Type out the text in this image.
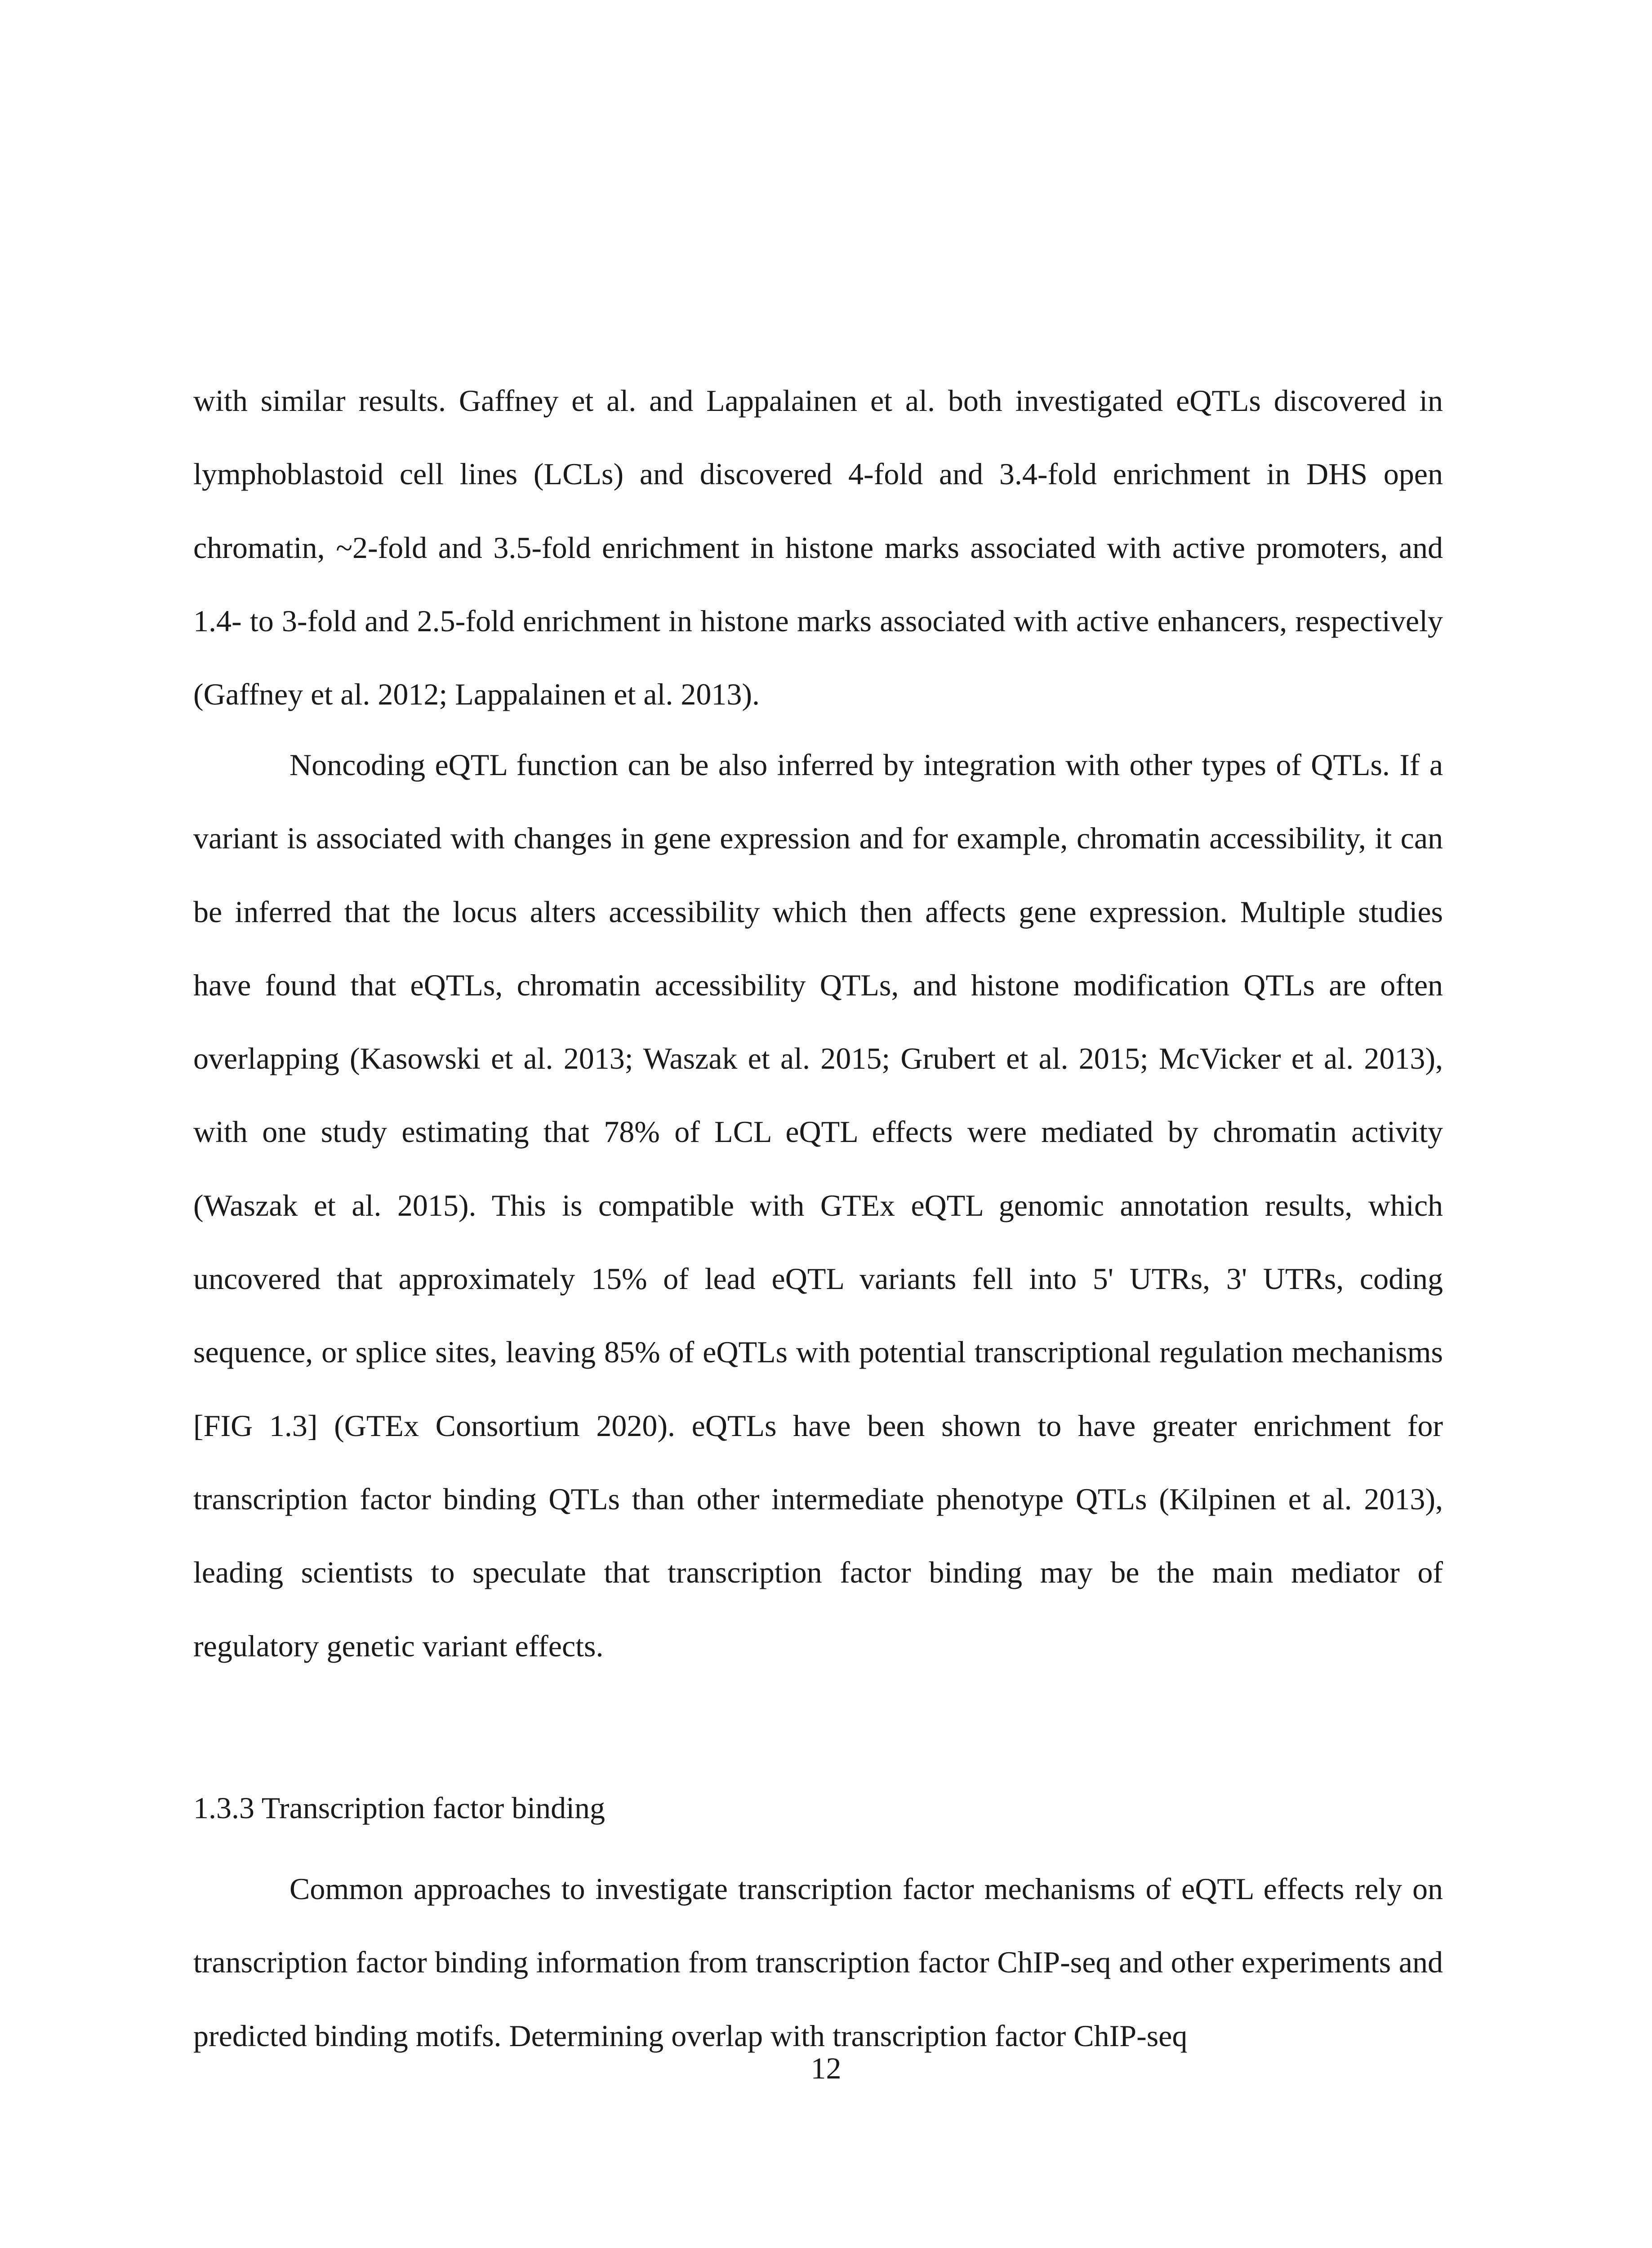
with similar results. Gaffney et al. and Lappalainen et al. both investigated eQTLs discovered in lymphoblastoid cell lines (LCLs) and discovered 4-fold and 3.4-fold enrichment in DHS open chromatin, ~2-fold and 3.5-fold enrichment in histone marks associated with active promoters, and 1.4- to 3-fold and 2.5-fold enrichment in histone marks associated with active enhancers, respectively (Gaffney et al. 2012; Lappalainen et al. 2013).

Noncoding eQTL function can be also inferred by integration with other types of QTLs. If a variant is associated with changes in gene expression and for example, chromatin accessibility, it can be inferred that the locus alters accessibility which then affects gene expression. Multiple studies have found that eQTLs, chromatin accessibility QTLs, and histone modification QTLs are often overlapping (Kasowski et al. 2013; Waszak et al. 2015; Grubert et al. 2015; McVicker et al. 2013), with one study estimating that 78% of LCL eQTL effects were mediated by chromatin activity (Waszak et al. 2015). This is compatible with GTEx eQTL genomic annotation results, which uncovered that approximately 15% of lead eQTL variants fell into 5' UTRs, 3' UTRs, coding sequence, or splice sites, leaving 85% of eQTLs with potential transcriptional regulation mechanisms [FIG 1.3] (GTEx Consortium 2020). eQTLs have been shown to have greater enrichment for transcription factor binding QTLs than other intermediate phenotype QTLs (Kilpinen et al. 2013), leading scientists to speculate that transcription factor binding may be the main mediator of regulatory genetic variant effects.

1.3.3 Transcription factor binding

Common approaches to investigate transcription factor mechanisms of eQTL effects rely on transcription factor binding information from transcription factor ChIP-seq and other experiments and predicted binding motifs. Determining overlap with transcription factor ChIP-seq

12
